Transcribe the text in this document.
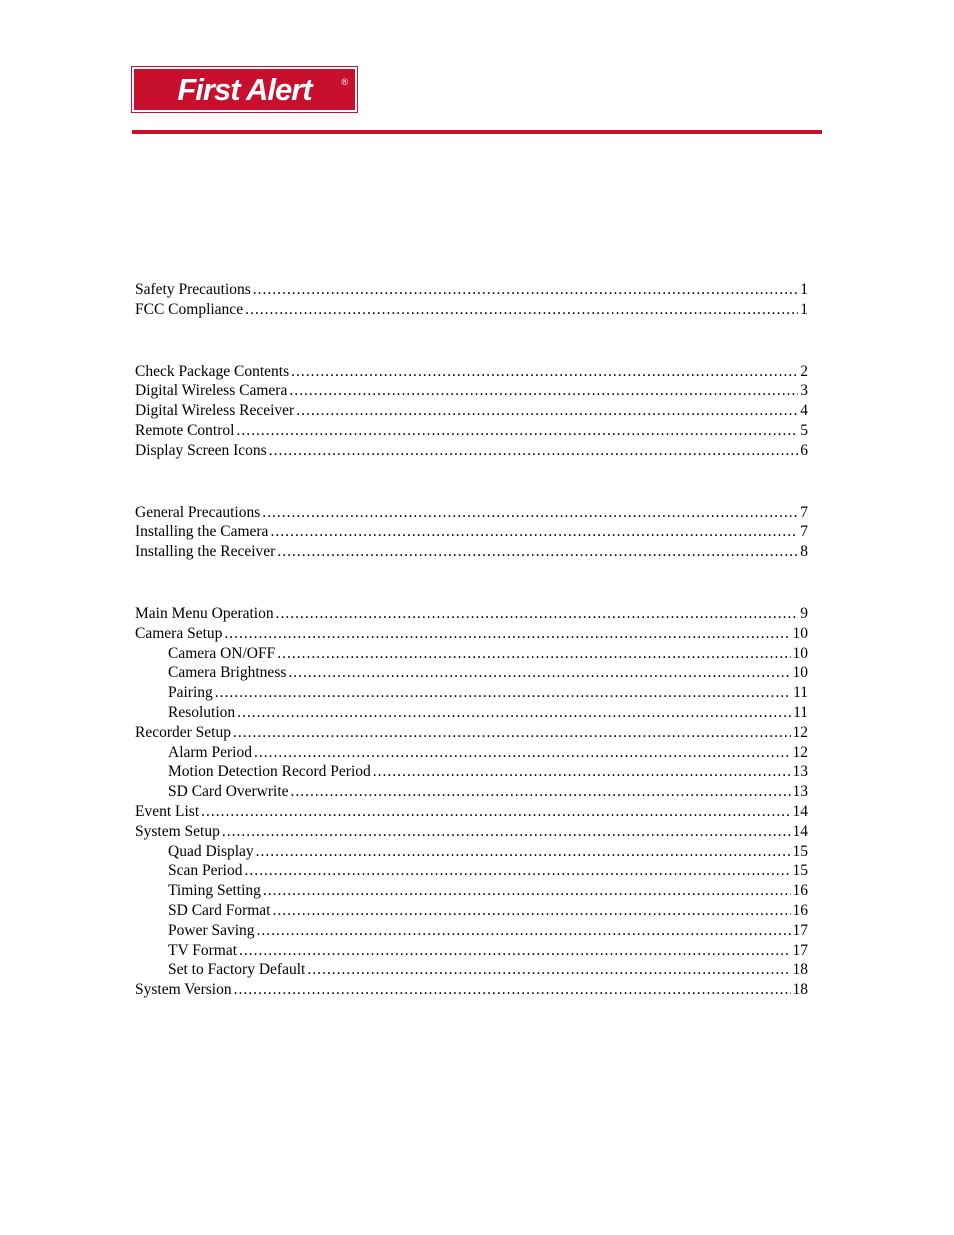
First Alert	®
Safety Precautions .....	1
FCC Compliance .....	1
Check Package Contents .....	2
Digital Wireless Camera .....	3
Digital Wireless Receiver .....	4
Remote Control .....	5
Display Screen Icons .....	6
General Precautions .....	7
Installing the Camera .....	7
Installing the Receiver .....	8
Main Menu Operation .....	9
Camera Setup .....	10
Camera ON/OFF .....	10
Camera Brightness .....	10
Pairing .....	11
Resolution .....	11
Recorder Setup .....	12
Alarm Period .....	12
Motion Detection Record Period .....	13
SD Card Overwrite .....	13
Event List .....	14
System Setup .....	14
Quad Display .....	15
Scan Period .....	15
Timing Setting .....	16
SD Card Format .....	16
Power Saving .....	17
TV Format .....	17
Set to Factory Default .....	18
System Version .....	18
